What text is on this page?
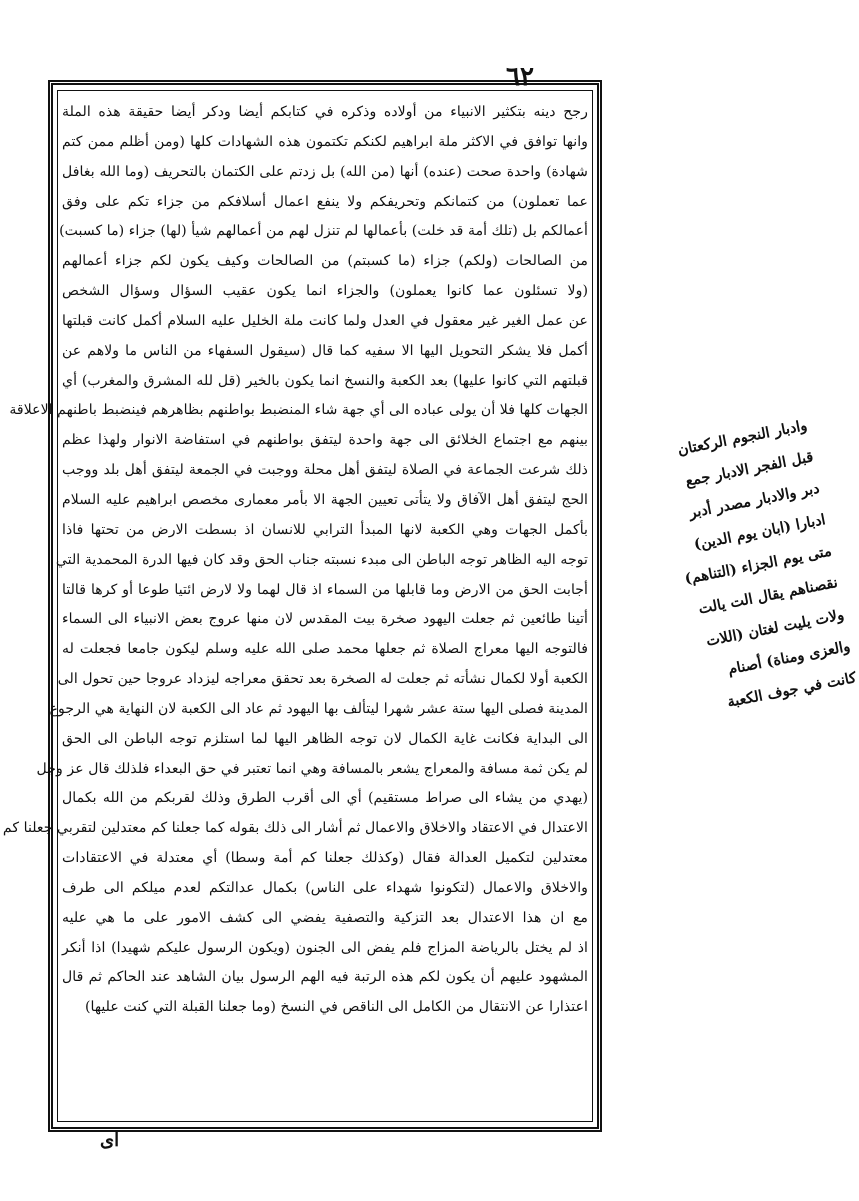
٦٢
رجح دينه بتكثير الانبياء من أولاده وذكره في كتابكم أيضا ودكر أيضا حقيقة هذه الملة
وانها توافق في الاكثر ملة ابراهيم لكنكم تكتمون هذه الشهادات كلها (ومن أظلم ممن كتم
شهادة) واحدة صحت (عنده) أنها (من الله) بل زدتم على الكتمان بالتحريف (وما الله بغافل
عما تعملون) من كتمانكم وتحريفكم ولا ينفع اعمال أسلافكم من جزاء تكم على وفق
أعمالكم بل (تلك أمة قد خلت) بأعمالها لم تنزل لهم من أعمالهم شيأ (لها) جزاء (ما كسبت)
من الصالحات (ولكم) جزاء (ما كسبتم) من الصالحات وكيف يكون لكم جزاء أعمالهم
(ولا تسئلون عما كانوا يعملون) والجزاء انما يكون عقيب السؤال وسؤال الشخص
عن عمل الغير غير معقول في العدل ولما كانت ملة الخليل عليه السلام أكمل كانت قبلتها
أكمل فلا يشكر التحويل اليها الا سفيه كما قال (سيقول السفهاء من الناس ما ولاهم عن
قبلتهم التي كانوا عليها) بعد الكعبة والنسخ انما يكون بالخير (قل لله المشرق والمغرب) أي
الجهات كلها فلا أن يولى عباده الى أي جهة شاء المنضبط بواطنهم بظاهرهم فينضبط باطنهم الاعلاقة
بينهم مع اجتماع الخلائق الى جهة واحدة ليتفق بواطنهم في استفاضة الانوار ولهذا عظم
ذلك شرعت الجماعة في الصلاة ليتفق أهل محلة ووجبت في الجمعة ليتفق أهل بلد ووجب
الحج ليتفق أهل الآفاق ولا يتأتى تعيين الجهة الا بأمر معمارى مخصص ابراهيم عليه السلام
بأكمل الجهات وهي الكعبة لانها المبدأ الترابي للانسان اذ بسطت الارض من تحتها فاذا
توجه اليه الظاهر توجه الباطن الى مبدء نسبته جناب الحق وقد كان فيها الدرة المحمدية التي
أجابت الحق من الارض وما قابلها من السماء اذ قال لهما ولا لارض ائتيا طوعا أو كرها قالتا
أتينا طائعين ثم جعلت اليهود صخرة بيت المقدس لان منها عروج بعض الانبياء الى السماء
فالتوجه اليها معراج الصلاة ثم جعلها محمد صلى الله عليه وسلم ليكون جامعا فجعلت له
الكعبة أولا لكمال نشأته ثم جعلت له الصخرة بعد تحقق معراجه ليزداد عروجا حين تحول الى
المدينة فصلى اليها ستة عشر شهرا ليتألف بها اليهود ثم عاد الى الكعبة لان النهاية هي الرجوع
الى البداية فكانت غاية الكمال لان توجه الظاهر اليها لما استلزم توجه الباطن الى الحق
لم يكن ثمة مسافة والمعراج يشعر بالمسافة وهي انما تعتبر في حق البعداء فلذلك قال عز وجل
(يهدي من يشاء الى صراط مستقيم) أي الى أقرب الطرق وذلك لقربكم من الله بكمال
الاعتدال في الاعتقاد والاخلاق والاعمال ثم أشار الى ذلك بقوله كما جعلنا كم معتدلين لتقربي جعلنا كم
معتدلين لتكميل العدالة فقال (وكذلك جعلنا كم أمة وسطا) أي معتدلة في الاعتقادات
والاخلاق والاعمال (لتكونوا شهداء على الناس) بكمال عدالتكم لعدم ميلكم الى طرف
مع ان هذا الاعتدال بعد التزكية والتصفية يفضي الى كشف الامور على ما هي عليه
اذ لم يختل بالرياضة المزاج فلم يفض الى الجنون (ويكون الرسول عليكم شهيدا) اذا أنكر
المشهود عليهم أن يكون لكم هذه الرتبة فيه الهم الرسول بيان الشاهد عند الحاكم ثم قال
اعتذارا عن الانتقال من الكامل الى الناقص في النسخ (وما جعلنا القبلة التي كنت عليها)
اى
وادبار النجوم الركعتان
قبل الفجر الادبار جمع
دبر والادبار مصدر أدبر
ادبارا (ابان يوم الدين)
متى يوم الجزاء (التناهم)
نقصناهم يقال الت يالت
ولات يليت لغتان (اللات
والعزى ومناة) أصنام
كانت في جوف الكعبة
